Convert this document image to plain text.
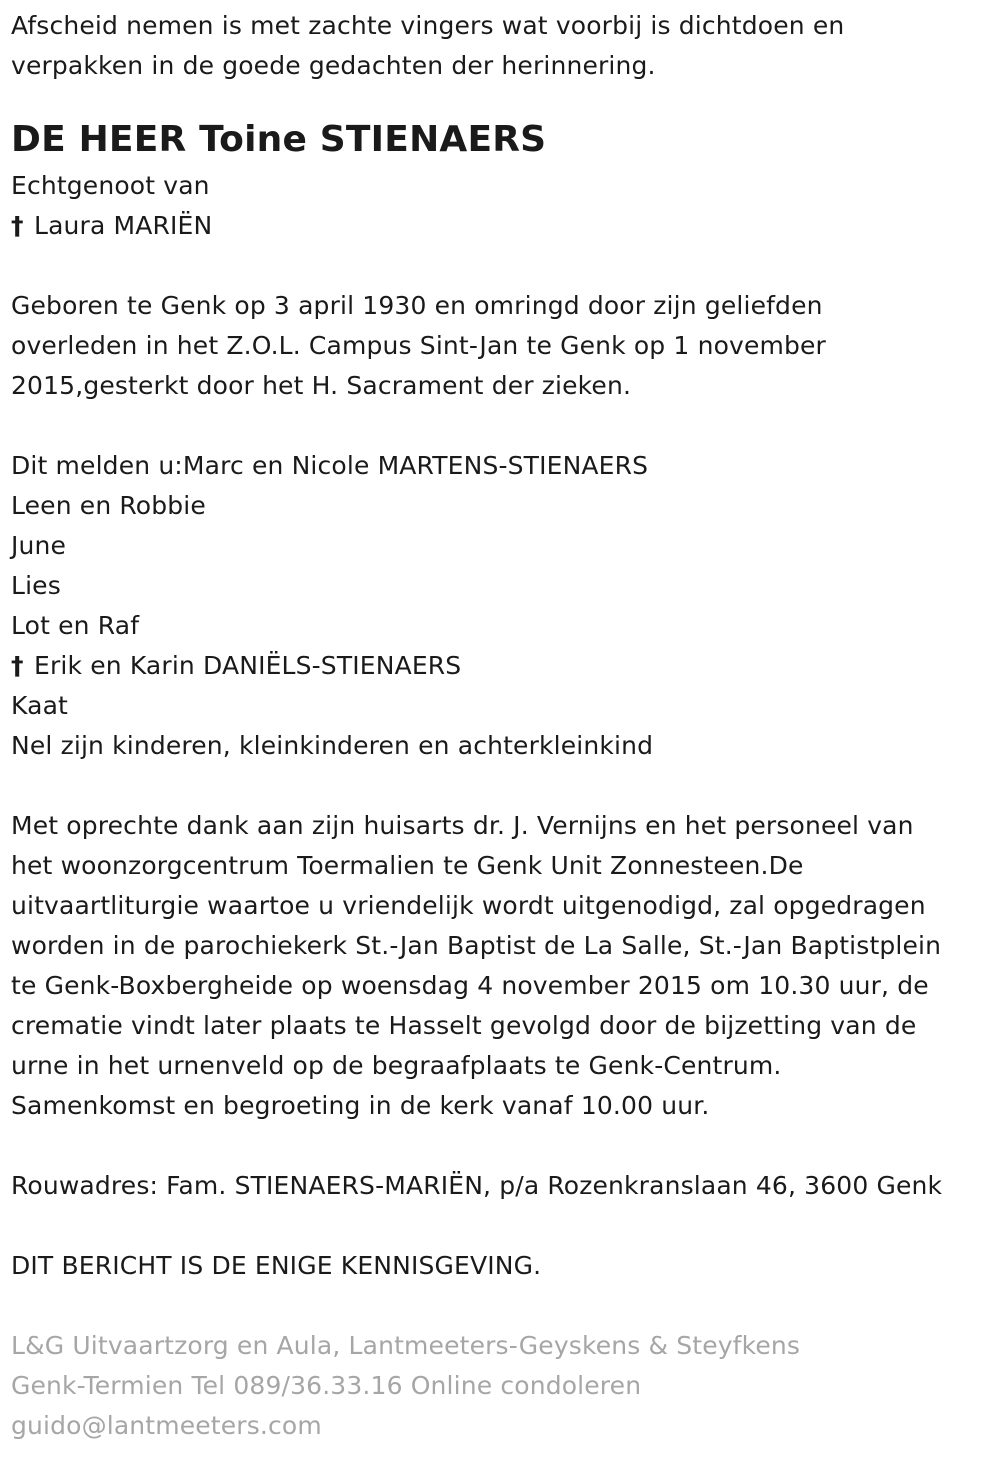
Afscheid nemen is met zachte vingers wat voorbij is dichtdoen en
verpakken in de goede gedachten der herinnering.
DE HEER Toine STIENAERS
Echtgenoot van
† Laura MARIËN
Geboren te Genk op 3 april 1930 en omringd door zijn geliefden
overleden in het Z.O.L. Campus Sint-Jan te Genk op 1 november
2015,gesterkt door het H. Sacrament der zieken.
Dit melden u:Marc en Nicole MARTENS-STIENAERS
Leen en Robbie
June
Lies
Lot en Raf
† Erik en Karin DANIËLS-STIENAERS
Kaat
Nel zijn kinderen, kleinkinderen en achterkleinkind
Met oprechte dank aan zijn huisarts dr. J. Vernijns en het personeel van
het woonzorgcentrum Toermalien te Genk Unit Zonnesteen.De
uitvaartliturgie waartoe u vriendelijk wordt uitgenodigd, zal opgedragen
worden in de parochiekerk St.-Jan Baptist de La Salle, St.-Jan Baptistplein
te Genk-Boxbergheide op woensdag 4 november 2015 om 10.30 uur, de
crematie vindt later plaats te Hasselt gevolgd door de bijzetting van de
urne in het urnenveld op de begraafplaats te Genk-Centrum.
Samenkomst en begroeting in de kerk vanaf 10.00 uur.
Rouwadres: Fam. STIENAERS-MARIËN, p/a Rozenkranslaan 46, 3600 Genk
DIT BERICHT IS DE ENIGE KENNISGEVING.
L&G Uitvaartzorg en Aula, Lantmeeters-Geyskens & Steyfkens
Genk-Termien Tel 089/36.33.16 Online condoleren
guido@lantmeeters.com
